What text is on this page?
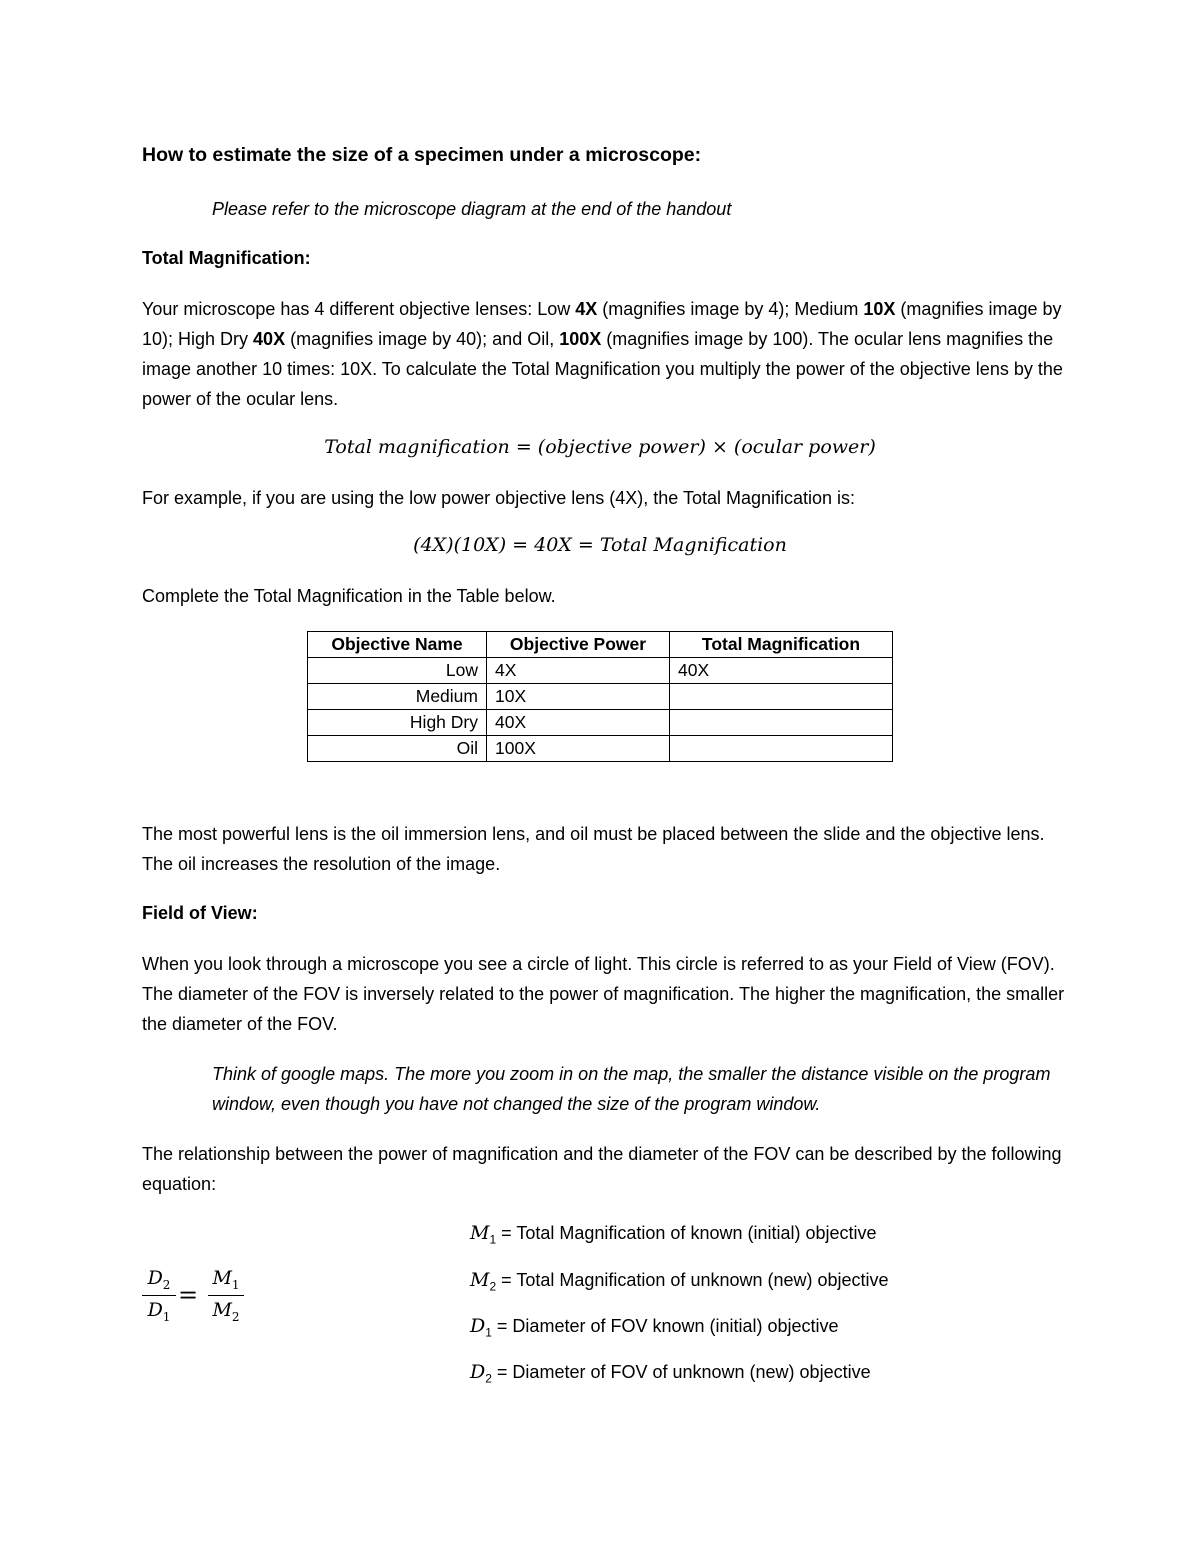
How to estimate the size of a specimen under a microscope:
Please refer to the microscope diagram at the end of the handout
Total Magnification:
Your microscope has 4 different objective lenses: Low 4X (magnifies image by 4); Medium 10X (magnifies image by 10); High Dry 40X (magnifies image by 40); and Oil, 100X (magnifies image by 100). The ocular lens magnifies the image another 10 times: 10X. To calculate the Total Magnification you multiply the power of the objective lens by the power of the ocular lens.
Total magnification = (objective power) × (ocular power)
For example, if you are using the low power objective lens (4X), the Total Magnification is:
(4X)(10X) = 40X = Total Magnification
Complete the Total Magnification in the Table below.
Objective Name	Objective Power	Total Magnification
Low	4X	40X
Medium	10X	
High Dry	40X	
Oil	100X	
The most powerful lens is the oil immersion lens, and oil must be placed between the slide and the objective lens. The oil increases the resolution of the image.
Field of View:
When you look through a microscope you see a circle of light. This circle is referred to as your Field of View (FOV). The diameter of the FOV is inversely related to the power of magnification. The higher the magnification, the smaller the diameter of the FOV.
Think of google maps. The more you zoom in on the map, the smaller the distance visible on the program window, even though you have not changed the size of the program window.
The relationship between the power of magnification and the diameter of the FOV can be described by the following equation:
$D_2$
$D_1$
=
$M_1$
$M_2$
$M_1$ = Total Magnification of known (initial) objective
$M_2$ = Total Magnification of unknown (new) objective
$D_1$ = Diameter of FOV known (initial) objective
$D_2$ = Diameter of FOV of unknown (new) objective
